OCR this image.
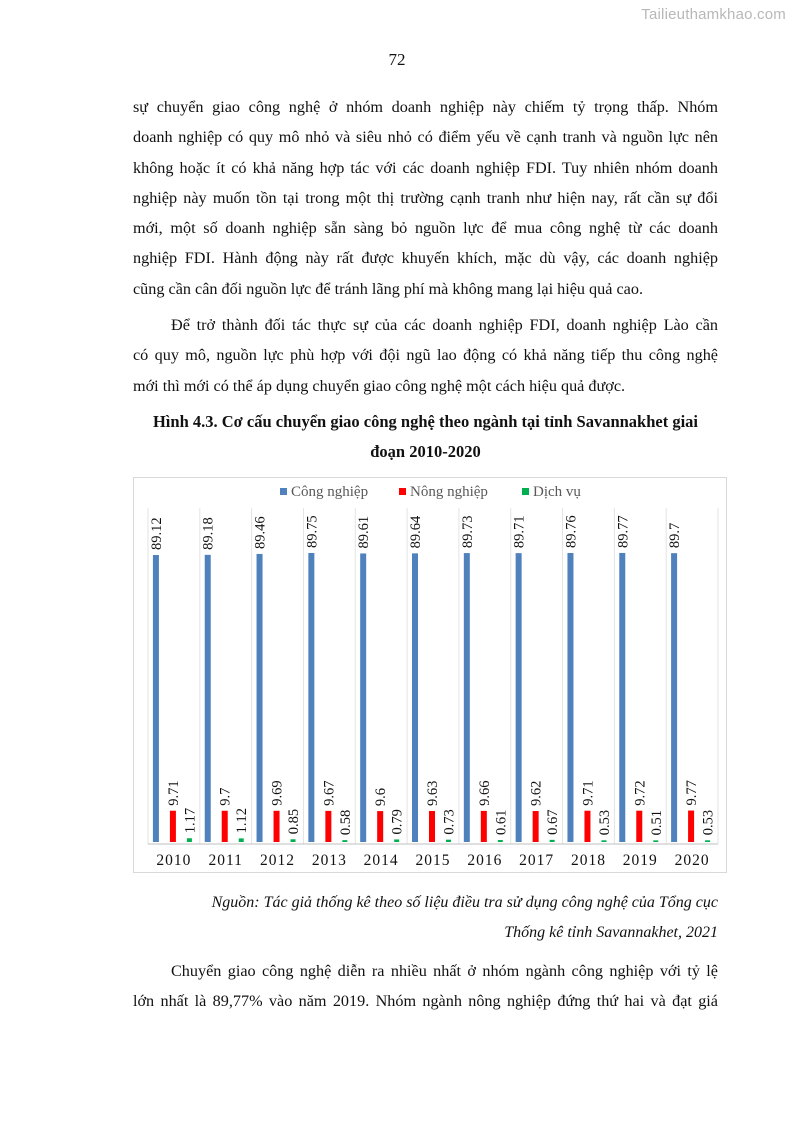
Tailieuthamkhao.com
72
sự chuyển giao công nghệ ở nhóm doanh nghiệp này chiếm tỷ trọng thấp. Nhóm
doanh nghiệp có quy mô nhỏ và siêu nhỏ có điểm yếu về cạnh tranh và nguồn lực nên
không hoặc ít có khả năng hợp tác với các doanh nghiệp FDI. Tuy nhiên nhóm doanh
nghiệp này muốn tồn tại trong một thị trường cạnh tranh như hiện nay, rất cần sự đổi
mới, một số doanh nghiệp sẵn sàng bỏ nguồn lực để mua công nghệ từ các doanh
nghiệp FDI. Hành động này rất được khuyến khích, mặc dù vậy, các doanh nghiệp
cũng cần cân đối nguồn lực để tránh lãng phí mà không mang lại hiệu quả cao.
Để trở thành đối tác thực sự của các doanh nghiệp FDI, doanh nghiệp Lào cần
có quy mô, nguồn lực phù hợp với đội ngũ lao động có khả năng tiếp thu công nghệ
mới thì mới có thể áp dụng chuyển giao công nghệ một cách hiệu quả được.
Hình 4.3. Cơ cấu chuyển giao công nghệ theo ngành tại tỉnh Savannakhet giai
đoạn 2010-2020
Công nghiệp	Nông nghiệp	Dịch vụ
89.12
9.71
1.17
2010
89.18
9.7
1.12
2011
89.46
9.69
0.85
2012
89.75
9.67
0.58
2013
89.61
9.6
0.79
2014
89.64
9.63
0.73
2015
89.73
9.66
0.61
2016
89.71
9.62
0.67
2017
89.76
9.71
0.53
2018
89.77
9.72
0.51
2019
89.7
9.77
0.53
2020
Nguồn: Tác giả thống kê theo số liệu điều tra sử dụng công nghệ của Tổng cục
Thống kê tỉnh Savannakhet, 2021
Chuyển giao công nghệ diễn ra nhiều nhất ở nhóm ngành công nghiệp với tỷ lệ
lớn nhất là 89,77% vào năm 2019. Nhóm ngành nông nghiệp đứng thứ hai và đạt giá
